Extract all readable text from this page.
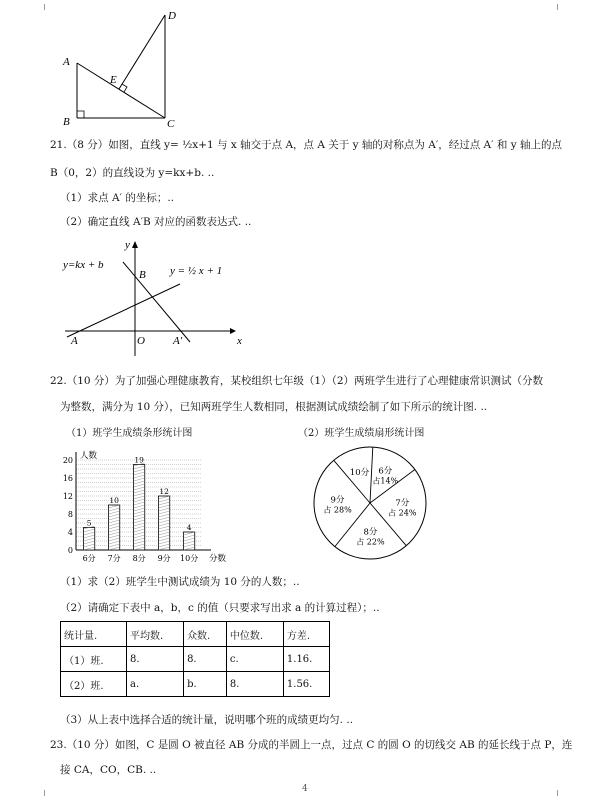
A
B	C
D
E
21.（8 分）如图，直线 y= ½x+1 与 x 轴交于点 A，点 A 关于 y 轴的对称点为 A′，经过点 A′ 和 y 轴上的点
B（0，2）的直线设为 y=kx+b. ..
（1）求点 A′ 的坐标；..
（2）确定直线 A′B 对应的函数表达式. ..
y=kx + b	y = ½ x + 1
y
x
B
A	O	A′
22.（10 分）为了加强心理健康教育，某校组织七年级（1）（2）两班学生进行了心理健康常识测试（分数
为整数，满分为 10 分），已知两班学生人数相同，根据测试成绩绘制了如下所示的统计图. ..
（1）班学生成绩条形统计图	（2）班学生成绩扇形统计图
0
4
8
12
16
20 人数
分数
5
6分
10
7分
19
8分
12
9分
4
10分
6分
占14%
7分
占 24%
8分
占 22%
9分
占 28%
10分
（1）求（2）班学生中测试成绩为 10 分的人数；..
（2）请确定下表中 a，b，c 的值（只要求写出求 a 的计算过程）；..
统计量.	平均数.	众数.	中位数.	方差.
（1）班.	8.	8.	c.	1.16.
（2）班.	a.	b.	8.	1.56.
（3）从上表中选择合适的统计量，说明哪个班的成绩更均匀. ..
23.（10 分）如图，C 是圆 O 被直径 AB 分成的半圆上一点，过点 C 的圆 O 的切线交 AB 的延长线于点 P，连
接 CA，CO，CB. ..
4
